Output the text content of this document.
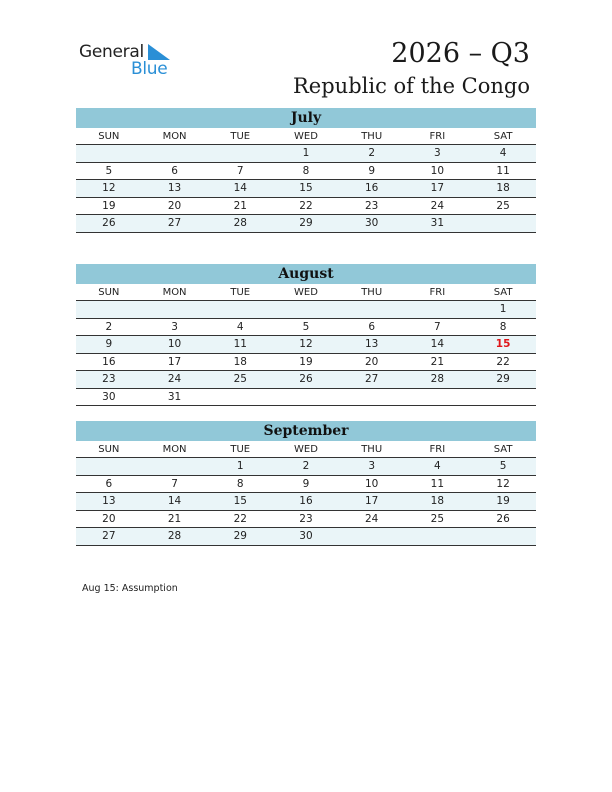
General
Blue	2026 – Q3
Republic of the Congo
July
SUN	MON	TUE	WED	THU	FRI	SAT
			1	2	3	4
5	6	7	8	9	10	11
12	13	14	15	16	17	18
19	20	21	22	23	24	25
26	27	28	29	30	31	
August
SUN	MON	TUE	WED	THU	FRI	SAT
						1
2	3	4	5	6	7	8
9	10	11	12	13	14	15
16	17	18	19	20	21	22
23	24	25	26	27	28	29
30	31					
September
SUN	MON	TUE	WED	THU	FRI	SAT
		1	2	3	4	5
6	7	8	9	10	11	12
13	14	15	16	17	18	19
20	21	22	23	24	25	26
27	28	29	30			
Aug 15: Assumption
